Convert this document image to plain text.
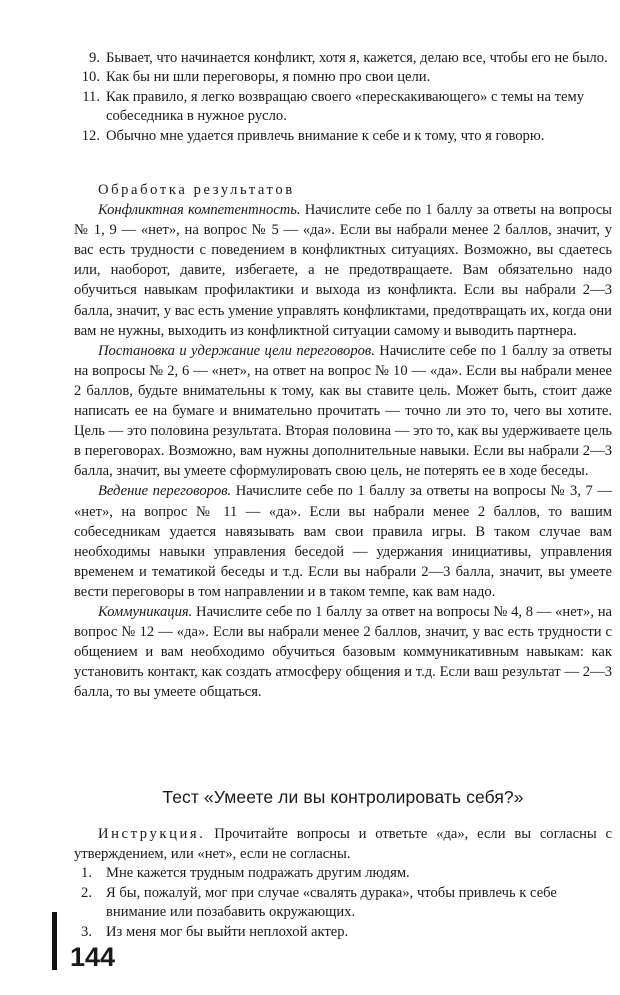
9. Бывает, что начинается конфликт, хотя я, кажется, делаю все, чтобы его не было.
10. Как бы ни шли переговоры, я помню про свои цели.
11. Как правило, я легко возвращаю своего «перескакивающего» с темы на тему собеседника в нужное русло.
12. Обычно мне удается привлечь внимание к себе и к тому, что я говорю.

Обработка результатов

Конфликтная компетентность. Начислите себе по 1 баллу за ответы на вопросы № 1, 9 — «нет», на вопрос № 5 — «да». Если вы набрали менее 2 баллов, значит, у вас есть трудности с поведением в конфликтных ситуациях. Возможно, вы сдаетесь или, наоборот, давите, избегаете, а не предотвращаете. Вам обязательно надо обучиться навыкам профилактики и выхода из конфликта. Если вы набрали 2—3 балла, значит, у вас есть умение управлять конфликтами, предотвращать их, когда они вам не нужны, выходить из конфликтной ситуации самому и выводить партнера.

Постановка и удержание цели переговоров. Начислите себе по 1 баллу за ответы на вопросы № 2, 6 — «нет», на ответ на вопрос № 10 — «да». Если вы набрали менее 2 баллов, будьте внимательны к тому, как вы ставите цель. Может быть, стоит даже написать ее на бумаге и внимательно прочитать — точно ли это то, чего вы хотите. Цель — это половина результата. Вторая половина — это то, как вы удерживаете цель в переговорах. Возможно, вам нужны дополнительные навыки. Если вы набрали 2—3 балла, значит, вы умеете сформулировать свою цель, не потерять ее в ходе беседы.

Ведение переговоров. Начислите себе по 1 баллу за ответы на вопросы № 3, 7 — «нет», на вопрос № 11 — «да». Если вы набрали менее 2 баллов, то вашим собеседникам удается навязывать вам свои правила игры. В таком случае вам необходимы навыки управления беседой — удержания инициативы, управления временем и тематикой беседы и т.д. Если вы набрали 2—3 балла, значит, вы умеете вести переговоры в том направлении и в таком темпе, как вам надо.

Коммуникация. Начислите себе по 1 баллу за ответ на вопросы № 4, 8 — «нет», на вопрос № 12 — «да». Если вы набрали менее 2 баллов, значит, у вас есть трудности с общением и вам необходимо обучиться базовым коммуникативным навыкам: как установить контакт, как создать атмосферу общения и т.д. Если ваш результат — 2—3 балла, то вы умеете общаться.

Тест «Умеете ли вы контролировать себя?»

Инструкция. Прочитайте вопросы и ответьте «да», если вы согласны с утверждением, или «нет», если не согласны.

1. Мне кажется трудным подражать другим людям.
2. Я бы, пожалуй, мог при случае «свалять дурака», чтобы привлечь к себе внимание или позабавить окружающих.
3. Из меня мог бы выйти неплохой актер.
144
